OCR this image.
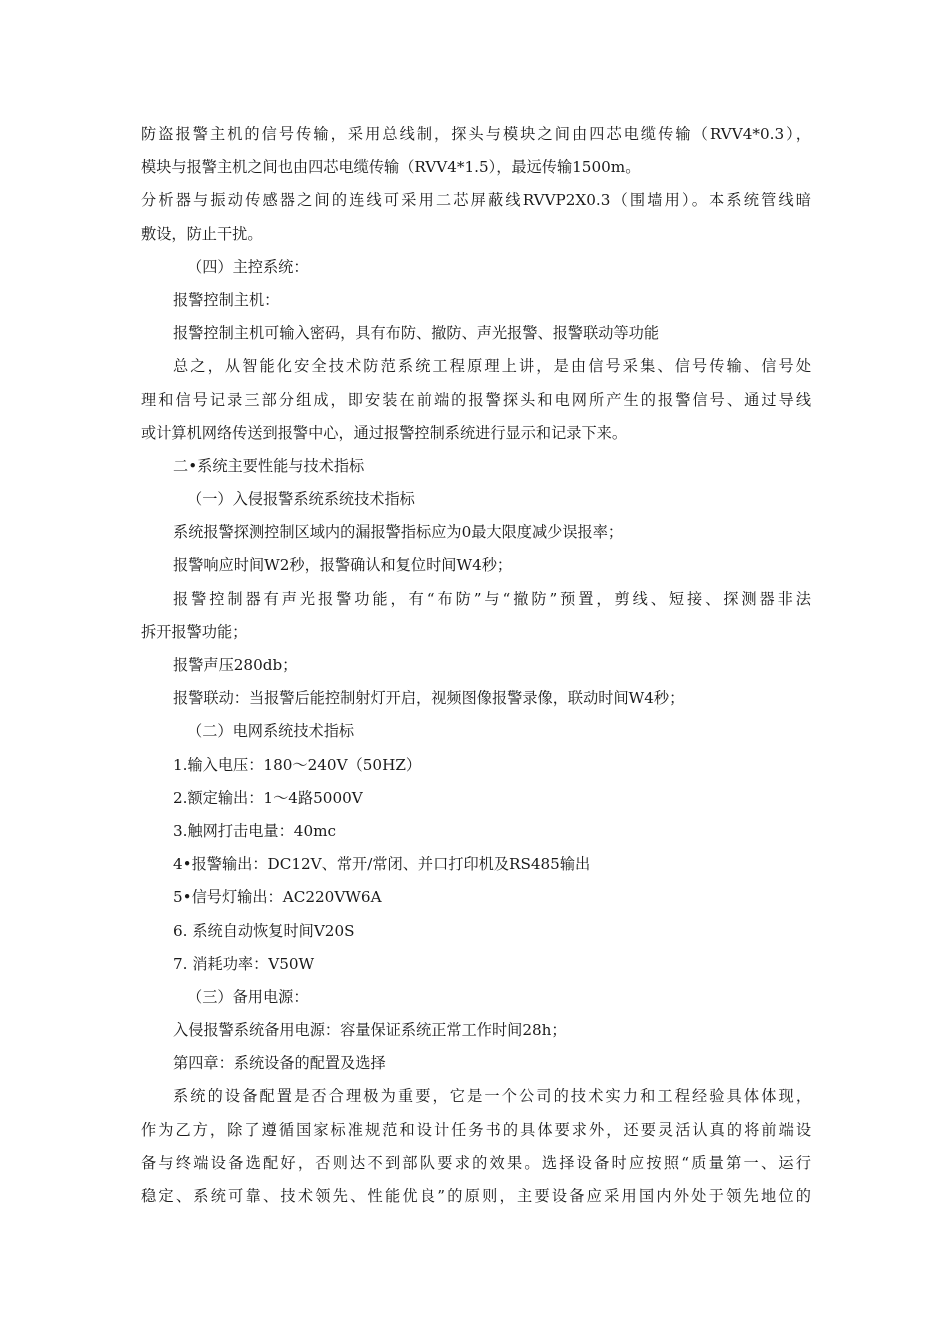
防盗报警主机的信号传输，采用总线制，探头与模块之间由四芯电缆传输（RVV4*0.3），
模块与报警主机之间也由四芯电缆传输（RVV4*1.5），最远传输1500m。
分析器与振动传感器之间的连线可采用二芯屏蔽线RVVP2X0.3（围墙用）。本系统管线暗
敷设，防止干扰。
（四）主控系统：
报警控制主机：
报警控制主机可输入密码，具有布防、撤防、声光报警、报警联动等功能
总之，从智能化安全技术防范系统工程原理上讲，是由信号采集、信号传输、信号处
理和信号记录三部分组成，即安装在前端的报警探头和电网所产生的报警信号、通过导线
或计算机网络传送到报警中心，通过报警控制系统进行显示和记录下来。
二•系统主要性能与技术指标
（一）入侵报警系统系统技术指标
系统报警探测控制区域内的漏报警指标应为0最大限度减少误报率；
报警响应时间W2秒，报警确认和复位时间W4秒；
报警控制器有声光报警功能，有“布防”与“撤防”预置，剪线、短接、探测器非法
拆开报警功能；
报警声压280db；
报警联动：当报警后能控制射灯开启，视频图像报警录像，联动时间W4秒；
（二）电网系统技术指标
1.输入电压：180〜240V（50HZ）
2.额定输出：1〜4路5000V
3.触网打击电量：40mc
4•报警输出：DC12V、常开/常闭、并口打印机及RS485输出
5•信号灯输出：AC220VW6A
6. 系统自动恢复时间V20S
7. 消耗功率：V50W
（三）备用电源：
入侵报警系统备用电源：容量保证系统正常工作时间28h；
第四章：系统设备的配置及选择
系统的设备配置是否合理极为重要，它是一个公司的技术实力和工程经验具体体现，
作为乙方，除了遵循国家标准规范和设计任务书的具体要求外，还要灵活认真的将前端设
备与终端设备选配好，否则达不到部队要求的效果。选择设备时应按照“质量第一、运行
稳定、系统可靠、技术领先、性能优良”的原则，主要设备应采用国内外处于领先地位的
